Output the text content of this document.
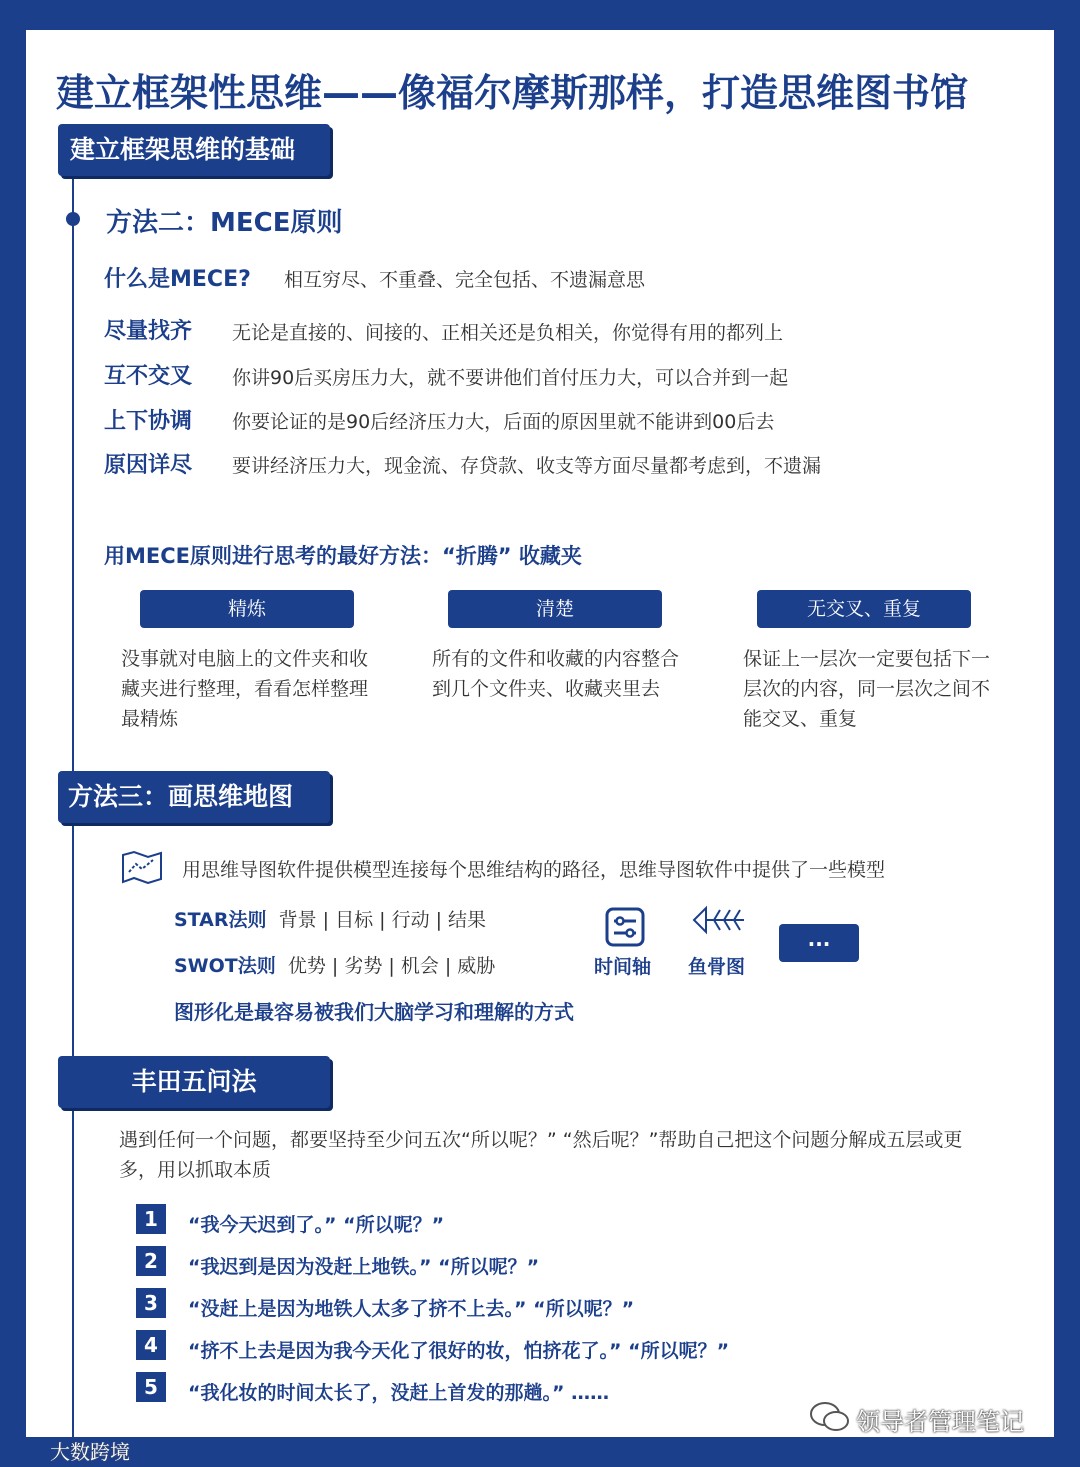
建立框架性思维——像福尔摩斯那样，打造思维图书馆
建立框架思维的基础
方法二：MECE原则
什么是MECE? 相互穷尽、不重叠、完全包括、不遗漏意思
尽量找齐 无论是直接的、间接的、正相关还是负相关，你觉得有用的都列上
互不交叉 你讲90后买房压力大，就不要讲他们首付压力大，可以合并到一起
上下协调 你要论证的是90后经济压力大，后面的原因里就不能讲到00后去
原因详尽 要讲经济压力大，现金流、存贷款、收支等方面尽量都考虑到，不遗漏
用MECE原则进行思考的最好方法：“折腾” 收藏夹
精炼	清楚	无交叉、重复
没事就对电脑上的文件夹和收藏夹进行整理，看看怎样整理最精炼
所有的文件和收藏的内容整合到几个文件夹、收藏夹里去
保证上一层次一定要包括下一层次的内容，同一层次之间不能交叉、重复
方法三：画思维地图
用思维导图软件提供模型连接每个思维结构的路径，思维导图软件中提供了一些模型
STAR法则 背景 | 目标 | 行动 | 结果
SWOT法则 优势 | 劣势 | 机会 | 威胁	时间轴 鱼骨图
...
图形化是最容易被我们大脑学习和理解的方式
丰田五问法
遇到任何一个问题，都要坚持至少问五次“所以呢？” “然后呢？”帮助自己把这个问题分解成五层或更多，用以抓取本质
1	“我今天迟到了。” “所以呢？”
2	“我迟到是因为没赶上地铁。” “所以呢？”
3	“没赶上是因为地铁人太多了挤不上去。” “所以呢？”
4	“挤不上去是因为我今天化了很好的妆，怕挤花了。” “所以呢？”
5	“我化妆的时间太长了，没赶上首发的那趟。” ……
领导者管理笔记
大数跨境
